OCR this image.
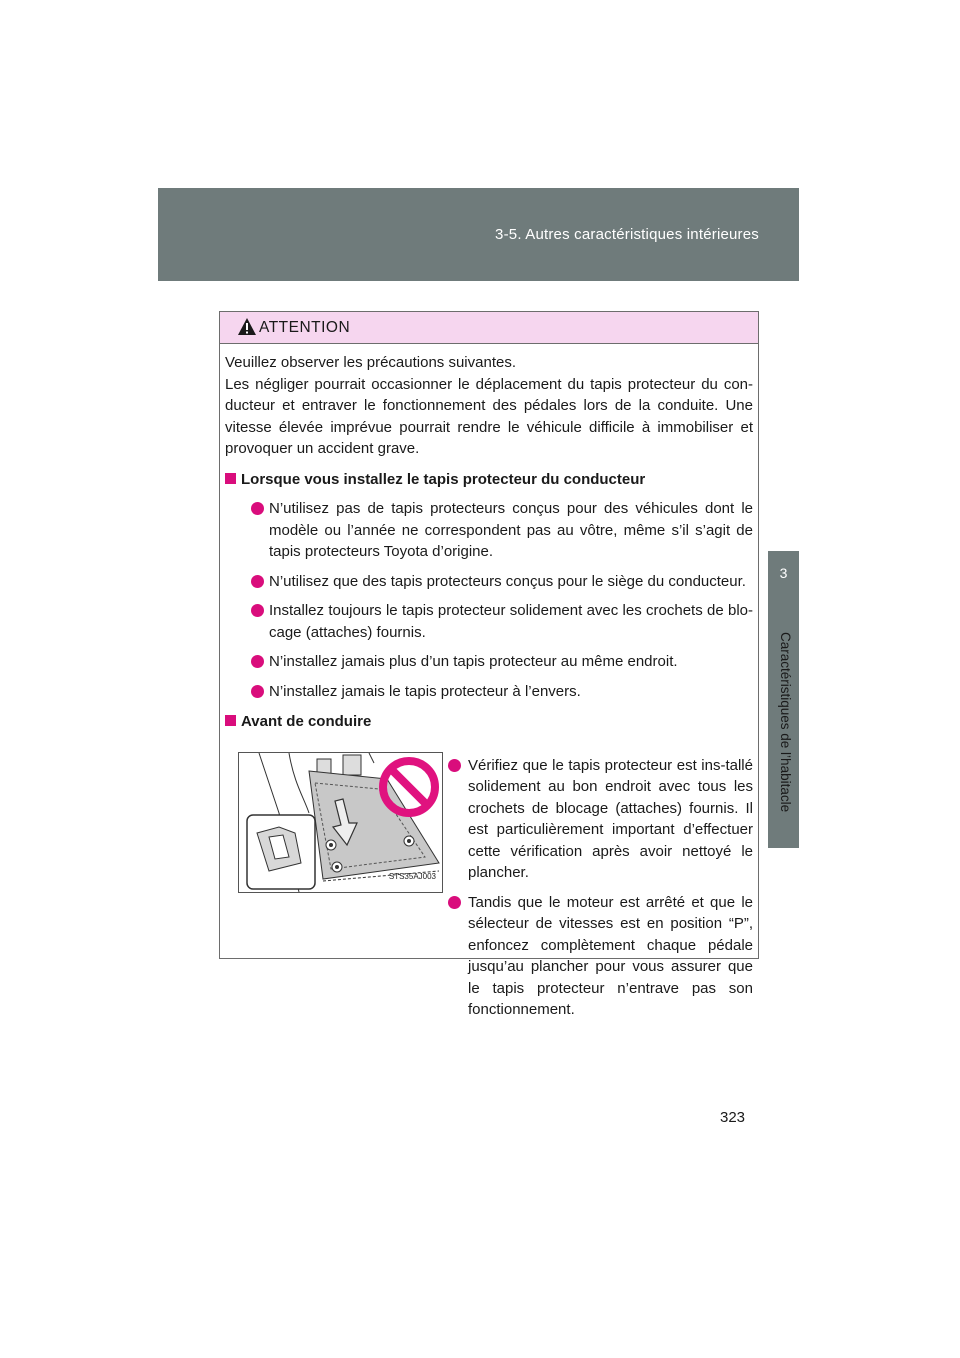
3-5. Autres caractéristiques intérieures
3
Caractéristiques de l’habitacle
ATTENTION

Veuillez observer les précautions suivantes.

Les négliger pourrait occasionner le déplacement du tapis protecteur du con-ducteur et entraver le fonctionnement des pédales lors de la conduite. Une vitesse élevée imprévue pourrait rendre le véhicule difficile à immobiliser et provoquer un accident grave.

Lorsque vous installez le tapis protecteur du conducteur
N’utilisez pas de tapis protecteurs conçus pour des véhicules dont le modèle ou l’année ne correspondent pas au vôtre, même s’il s’agit de tapis protecteurs Toyota d’origine.
N’utilisez que des tapis protecteurs conçus pour le siège du conducteur.
Installez toujours le tapis protecteur solidement avec les crochets de blo-cage (attaches) fournis.
N’installez jamais plus d’un tapis protecteur au même endroit.
N’installez jamais le tapis protecteur à l’envers.
Avant de conduire
STS35AJ003
Vérifiez que le tapis protecteur est ins-tallé solidement au bon endroit avec tous les crochets de blocage (attaches) fournis. Il est particulièrement important d’effectuer cette vérification après avoir nettoyé le plancher.
Tandis que le moteur est arrêté et que le sélecteur de vitesses est en position “P”, enfoncez complètement chaque pédale jusqu’au plancher pour vous assurer que le tapis protecteur n’entrave pas son fonctionnement.
323
